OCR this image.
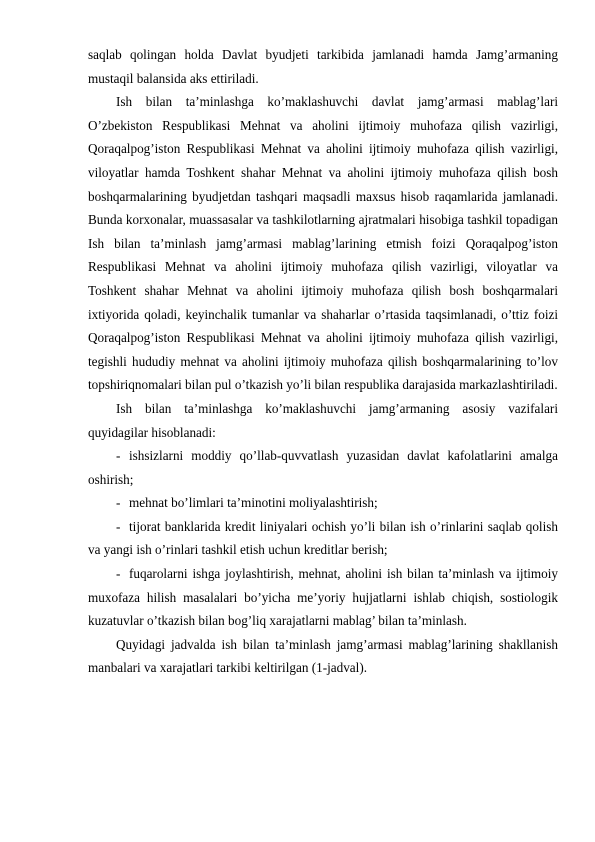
saqlab qolingan holda Davlat byudjeti tarkibida jamlanadi hamda Jamg’armaning mustaqil balansida aks ettiriladi.

Ish bilan ta’minlashga ko’maklashuvchi davlat jamg’armasi mablag’lari O’zbekiston Respublikasi Mehnat va aholini ijtimoiy muhofaza qilish vazirligi, Qoraqalpog’iston Respublikasi Mehnat va aholini ijtimoiy muhofaza qilish vazirligi, viloyatlar hamda Toshkent shahar Mehnat va aholini ijtimoiy muhofaza qilish bosh boshqarmalarining byudjetdan tashqari maqsadli maxsus hisob raqamlarida jamlanadi. Bunda korxonalar, muassasalar va tashkilotlarning ajratmalari hisobiga tashkil topadigan Ish bilan ta’minlash jamg’armasi mablag’larining etmish foizi Qoraqalpog’iston Respublikasi Mehnat va aholini ijtimoiy muhofaza qilish vazirligi, viloyatlar va Toshkent shahar Mehnat va aholini ijtimoiy muhofaza qilish bosh boshqarmalari ixtiyorida qoladi, keyinchalik tumanlar va shaharlar o’rtasida taqsimlanadi, o’ttiz foizi Qoraqalpog’iston Respublikasi Mehnat va aholini ijtimoiy muhofaza qilish vazirligi, tegishli hududiy mehnat va aholini ijtimoiy muhofaza qilish boshqarmalarining to’lov topshiriqnomalari bilan pul o’tkazish yo’li bilan respublika darajasida markazlashtiriladi.

Ish bilan ta’minlashga ko’maklashuvchi jamg’armaning asosiy vazifalari quyidagilar hisoblanadi:

- ishsizlarni moddiy qo’llab-quvvatlash yuzasidan davlat kafolatlarini amalga oshirish;

- mehnat bo’limlari ta’minotini moliyalashtirish;

- tijorat banklarida kredit liniyalari ochish yo’li bilan ish o’rinlarini saqlab qolish va yangi ish o’rinlari tashkil etish uchun kreditlar berish;

- fuqarolarni ishga joylashtirish, mehnat, aholini ish bilan ta’minlash va ijtimoiy muxofaza hilish masalalari bo’yicha me’yoriy hujjatlarni ishlab chiqish, sostiologik kuzatuvlar o’tkazish bilan bog’liq xarajatlarni mablag’ bilan ta’minlash.

Quyidagi jadvalda ish bilan ta’minlash jamg’armasi mablag’larining shakllanish manbalari va xarajatlari tarkibi keltirilgan (1-jadval).
